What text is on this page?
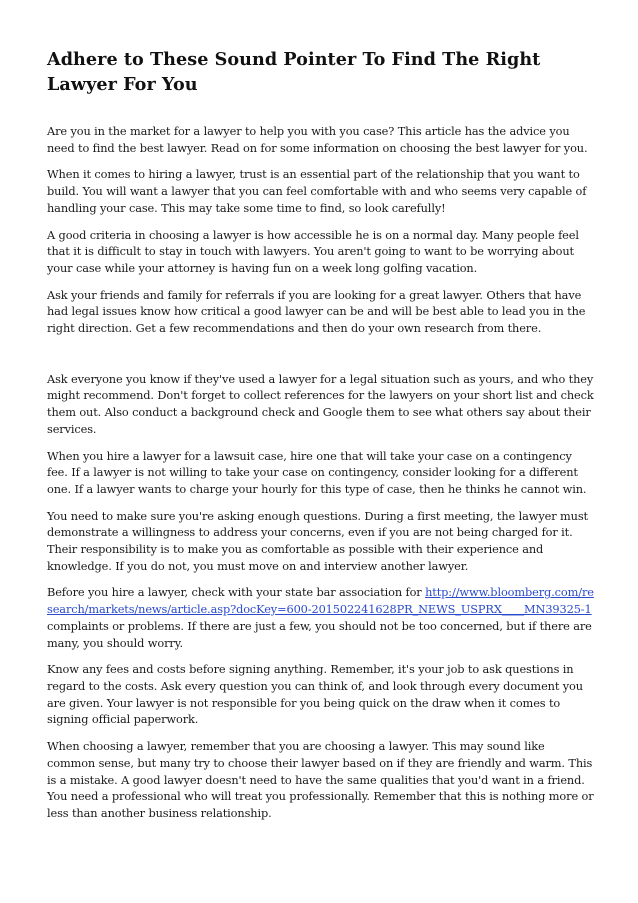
Adhere to These Sound Pointer To Find The Right Lawyer For You

Are you in the market for a lawyer to help you with you case? This article has the advice you need to find the best lawyer. Read on for some information on choosing the best lawyer for you.

When it comes to hiring a lawyer, trust is an essential part of the relationship that you want to build. You will want a lawyer that you can feel comfortable with and who seems very capable of handling your case. This may take some time to find, so look carefully!

A good criteria in choosing a lawyer is how accessible he is on a normal day. Many people feel that it is difficult to stay in touch with lawyers. You aren't going to want to be worrying about your case while your attorney is having fun on a week long golfing vacation.

Ask your friends and family for referrals if you are looking for a great lawyer. Others that have had legal issues know how critical a good lawyer can be and will be best able to lead you in the right direction. Get a few recommendations and then do your own research from there.

Ask everyone you know if they've used a lawyer for a legal situation such as yours, and who they might recommend. Don't forget to collect references for the lawyers on your short list and check them out. Also conduct a background check and Google them to see what others say about their services.

When you hire a lawyer for a lawsuit case, hire one that will take your case on a contingency fee. If a lawyer is not willing to take your case on contingency, consider looking for a different one. If a lawyer wants to charge your hourly for this type of case, then he thinks he cannot win.

You need to make sure you're asking enough questions. During a first meeting, the lawyer must demonstrate a willingness to address your concerns, even if you are not being charged for it. Their responsibility is to make you as comfortable as possible with their experience and knowledge. If you do not, you must move on and interview another lawyer.

Before you hire a lawyer, check with your state bar association for http://www.bloomberg.com/research/markets/news/article.asp?docKey=600-201502241628PR_NEWS_USPRX____MN39325-1 complaints or problems. If there are just a few, you should not be too concerned, but if there are many, you should worry.

Know any fees and costs before signing anything. Remember, it's your job to ask questions in regard to the costs. Ask every question you can think of, and look through every document you are given. Your lawyer is not responsible for you being quick on the draw when it comes to signing official paperwork.

When choosing a lawyer, remember that you are choosing a lawyer. This may sound like common sense, but many try to choose their lawyer based on if they are friendly and warm. This is a mistake. A good lawyer doesn't need to have the same qualities that you'd want in a friend. You need a professional who will treat you professionally. Remember that this is nothing more or less than another business relationship.
